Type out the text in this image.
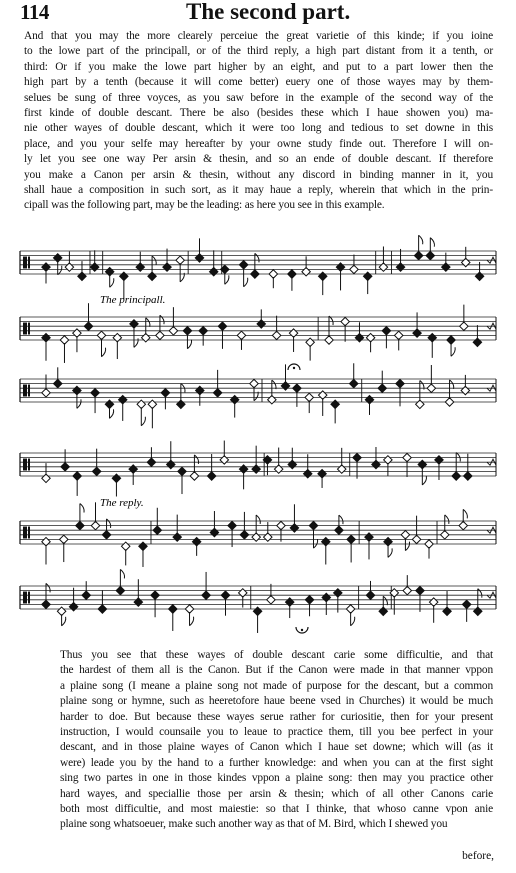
114	The second part.
And that you may the more clearely perceiue the great varietie of this kinde; if you ioine
to the lowe part of the principall, or of the third reply, a high part distant from it a tenth, or
third: Or if you make the lowe part higher by an eight, and put to a part lower then the
high part by a tenth (because it will come better) euery one of those wayes may by them-
selues be sung of three voyces, as you saw before in the example of the second way of the
first kinde of double descant. There be also (besides these which I haue showen you) ma-
nie other wayes of double descant, which it were too long and tedious to set downe in this
place, and you your selfe may hereafter by your owne study finde out. Therefore I will on-
ly let you see one way Per arsin & thesin, and so an ende of double descant. If therefore
you make a Canon per arsin & thesin, without any discord in binding manner in it, you
shall haue a composition in such sort, as it may haue a reply, wherein that which in the prin-
cipall was the following part, may be the leading: as here you see in this example.
The principall.
The reply.
Thus you see that these wayes of double descant carie some difficultie, and that
the hardest of them all is the Canon. But if the Canon were made in that manner vppon
a plaine song (I meane a plaine song not made of purpose for the descant, but a common
plaine song or hymne, such as heeretofore haue beene vsed in Churches) it would be much
harder to doe. But because these wayes serue rather for curiositie, then for your present
instruction, I would counsaile you to leaue to practice them, till you bee perfect in your
descant, and in those plaine wayes of Canon which I haue set downe; which will (as it
were) leade you by the hand to a further knowledge: and when you can at the first sight
sing two partes in one in those kindes vppon a plaine song: then may you practice other
hard wayes, and speciallie those per arsin & thesin; which of all other Canons carie
both most difficultie, and most maiestie: so that I thinke, that whoso canne vpon anie
plaine song whatsoeuer, make such another way as that of M. Bird, which I shewed you
before,
